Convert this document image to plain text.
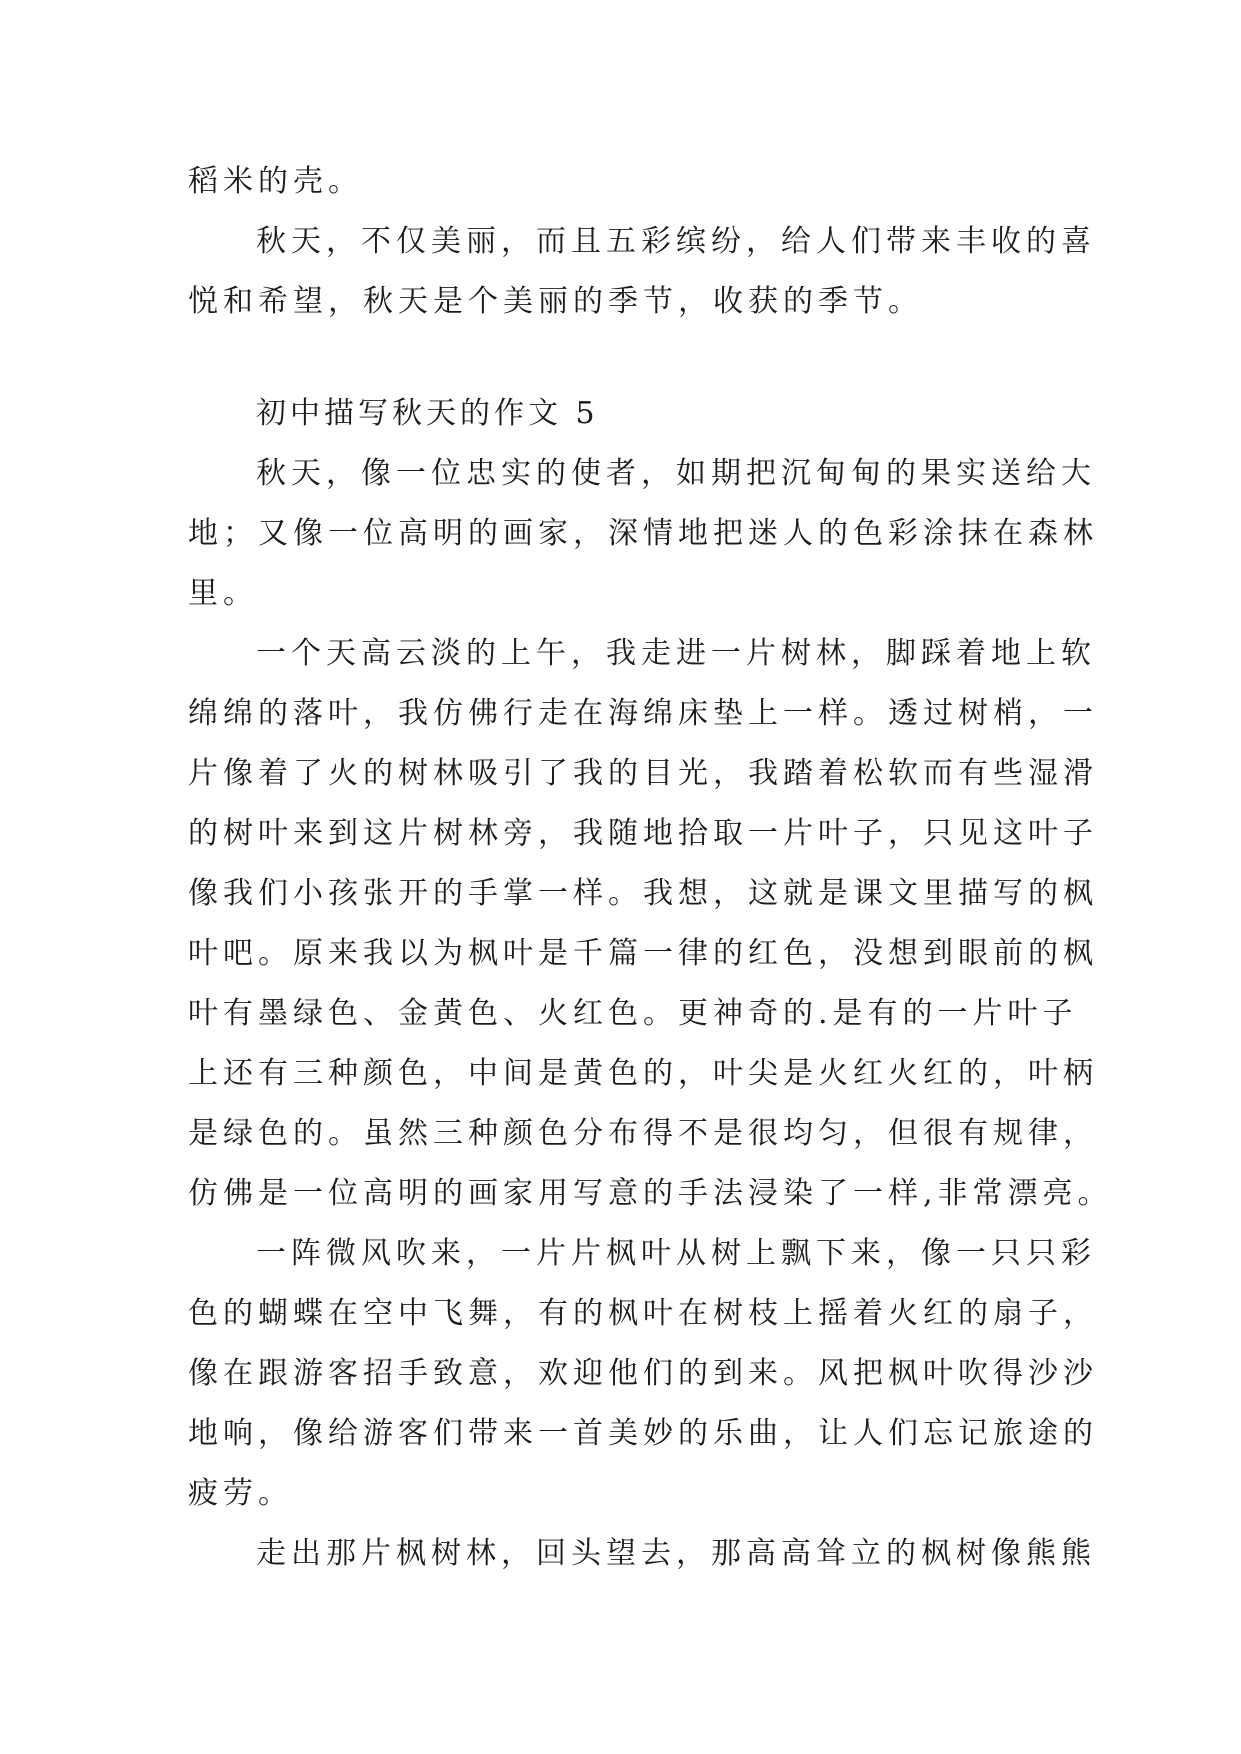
稻米的壳。
秋天，不仅美丽，而且五彩缤纷，给人们带来丰收的喜
悦和希望，秋天是个美丽的季节，收获的季节。
初中描写秋天的作文 5
秋天，像一位忠实的使者，如期把沉甸甸的果实送给大
地；又像一位高明的画家，深情地把迷人的色彩涂抹在森林
里。
一个天高云淡的上午，我走进一片树林，脚踩着地上软
绵绵的落叶，我仿佛行走在海绵床垫上一样。透过树梢，一
片像着了火的树林吸引了我的目光，我踏着松软而有些湿滑
的树叶来到这片树林旁，我随地拾取一片叶子，只见这叶子
像我们小孩张开的手掌一样。我想，这就是课文里描写的枫
叶吧。原来我以为枫叶是千篇一律的红色，没想到眼前的枫
叶有墨绿色、金黄色、火红色。更神奇的.是有的一片叶子
上还有三种颜色，中间是黄色的，叶尖是火红火红的，叶柄
是绿色的。虽然三种颜色分布得不是很均匀，但很有规律，
仿佛是一位高明的画家用写意的手法浸染了一样,非常漂亮。
一阵微风吹来，一片片枫叶从树上飘下来，像一只只彩
色的蝴蝶在空中飞舞，有的枫叶在树枝上摇着火红的扇子，
像在跟游客招手致意，欢迎他们的到来。风把枫叶吹得沙沙
地响，像给游客们带来一首美妙的乐曲，让人们忘记旅途的
疲劳。
走出那片枫树林，回头望去，那高高耸立的枫树像熊熊
